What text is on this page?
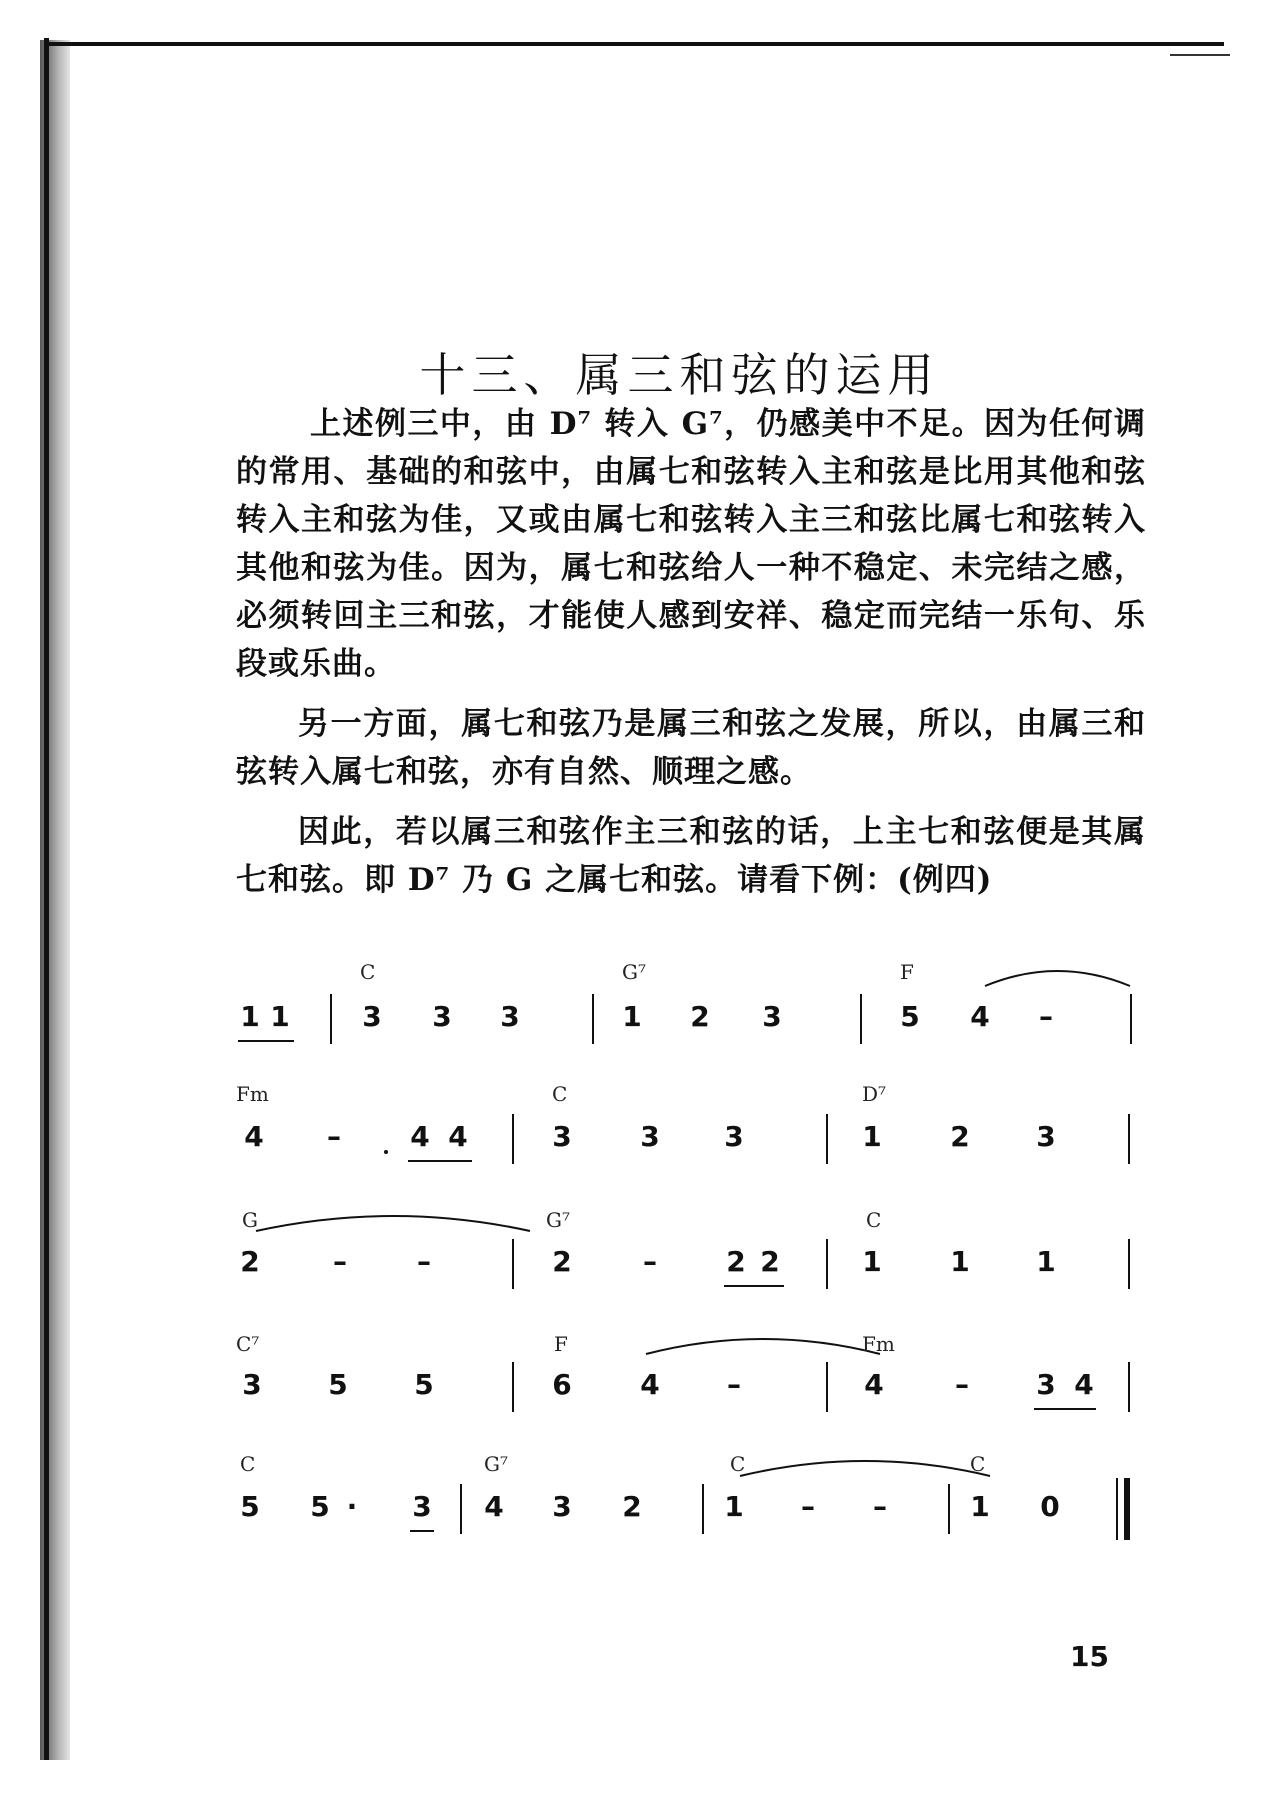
十三、属三和弦的运用

上述例三中，由 D⁷ 转入 G⁷，仍感美中不足。因为任何调的常用、基础的和弦中，由属七和弦转入主和弦是比用其他和弦转入主和弦为佳，又或由属七和弦转入主三和弦比属七和弦转入其他和弦为佳。因为，属七和弦给人一种不稳定、未完结之感，必须转回主三和弦，才能使人感到安祥、稳定而完结一乐句、乐段或乐曲。

另一方面，属七和弦乃是属三和弦之发展，所以，由属三和弦转入属七和弦，亦有自然、顺理之感。

因此，若以属三和弦作主三和弦的话，上主七和弦便是其属七和弦。即 D⁷ 乃 G 之属七和弦。请看下例：(例四)

C	G⁷	F
1 1	3 3 3	1 2 3	5 4 –
Fm	C	D⁷
4 – 4 4	3 3 3	1 2 3
G	G⁷	C
2	–	–	2	– 2 2	1 1 1
C⁷	F	Fm
3 5 5	6 4 –	4	– 3 4
C	G⁷	C	C
5 5 ·	3 4 3 2	1 – –	1 0
15
